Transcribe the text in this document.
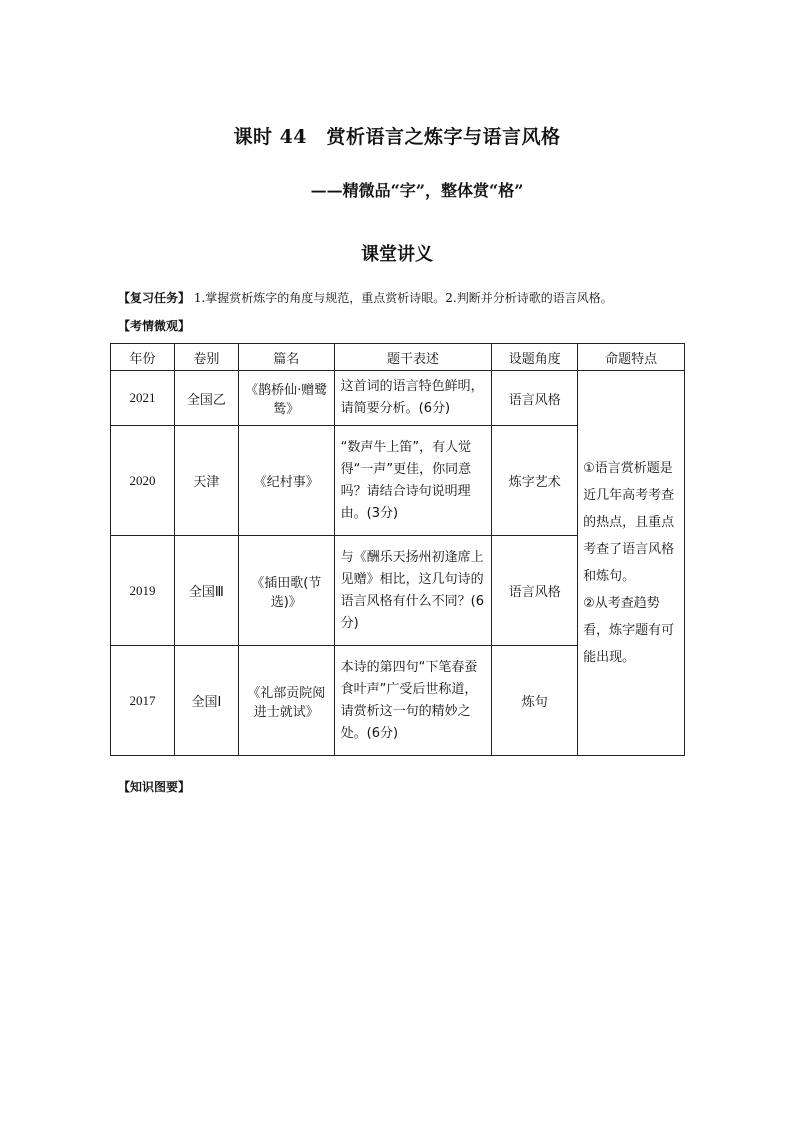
课时 44　赏析语言之炼字与语言风格
——精微品“字”，整体赏“格”
课堂讲义
【复习任务】 1.掌握赏析炼字的角度与规范，重点赏析诗眼。2.判断并分析诗歌的语言风格。
【考情微观】
年份	卷别	篇名	题干表述	设题角度	命题特点
2021	全国乙	《鹊桥仙·赠鹭鸶》	这首词的语言特色鲜明，请简要分析。(6分)	语言风格	①语言赏析题是近几年高考考查的热点，且重点考查了语言风格和炼句。
②从考查趋势看，炼字题有可能出现。

2020	天津	《纪村事》	“数声牛上笛”，有人觉得“一声”更佳，你同意吗？请结合诗句说明理由。(3分)	炼字艺术	
2019	全国Ⅲ	《插田歌(节选)》	与《酬乐天扬州初逢席上见赠》相比，这几句诗的语言风格有什么不同？(6分)	语言风格	
2017	全国Ⅰ	《礼部贡院阅进士就试》	本诗的第四句“下笔春蚕食叶声”广受后世称道，请赏析这一句的精妙之处。(6分)	炼句	
【知识图要】
